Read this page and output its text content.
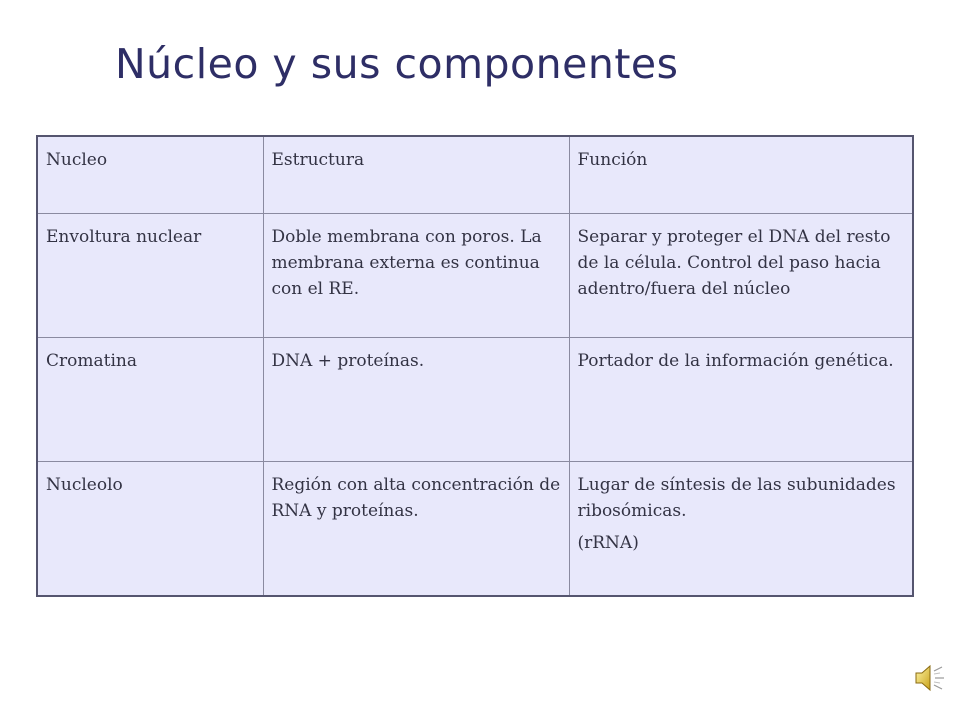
Núcleo y sus componentes
Nucleo	Estructura	Función
Envoltura nuclear	Doble membrana con poros. La membrana externa es continua con el RE.	Separar y proteger el DNA del resto de la célula. Control del paso hacia adentro/fuera del núcleo
Cromatina	DNA + proteínas.	Portador de la información genética.
Nucleolo	Región con alta concentración de RNA y proteínas.	Lugar de síntesis de las subunidades ribosómicas.
(rRNA)
